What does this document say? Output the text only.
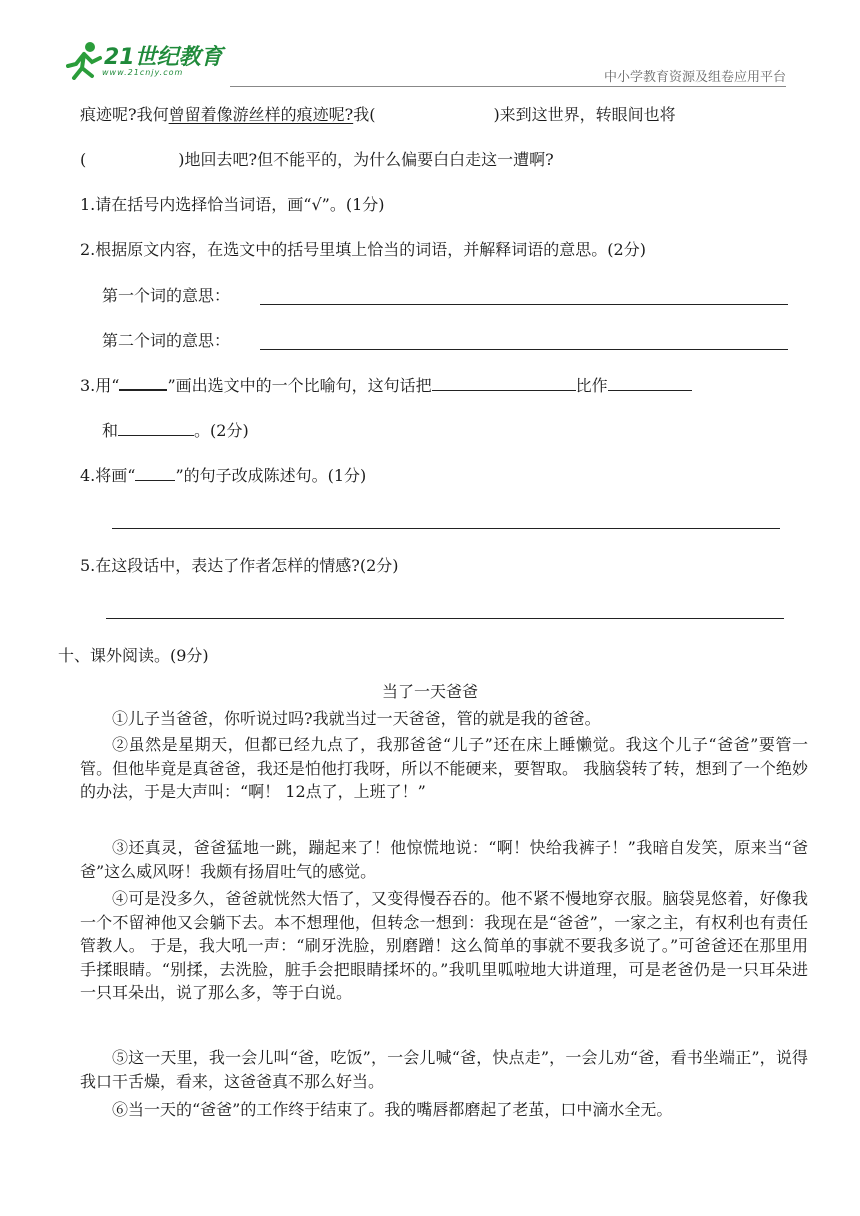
21世纪教育
www.21cnjy.com	中小学教育资源及组卷应用平台
痕迹呢?我何曾留着像游丝样的痕迹呢?我(	)来到这世界，转眼间也将
(	)地回去吧?但不能平的，为什么偏要白白走这一遭啊?
1.请在括号内选择恰当词语，画“√”。(1分)
2.根据原文内容，在选文中的括号里填上恰当的词语，并解释词语的意思。(2分)
第一个词的意思：
第二个词的意思：
3.用“	”画出选文中的一个比喻句，这句话把	比作
和	。(2分)
4.将画“	”的句子改成陈述句。(1分)
5.在这段话中，表达了作者怎样的情感?(2分)
十、课外阅读。(9分)
当了一天爸爸
①儿子当爸爸，你听说过吗?我就当过一天爸爸，管的就是我的爸爸。
②虽然是星期天，但都已经九点了，我那爸爸“儿子”还在床上睡懒觉。我这个儿子“爸爸”要管一管。但他毕竟是真爸爸，我还是怕他打我呀，所以不能硬来，要智取。 我脑袋转了转，想到了一个绝妙的办法，于是大声叫：“啊！ 12点了，上班了！”
③还真灵，爸爸猛地一跳，蹦起来了！他惊慌地说：“啊！快给我裤子！”我暗自发笑，原来当“爸爸”这么威风呀！我颇有扬眉吐气的感觉。
④可是没多久，爸爸就恍然大悟了，又变得慢吞吞的。他不紧不慢地穿衣服。脑袋晃悠着，好像我一个不留神他又会躺下去。本不想理他，但转念一想到：我现在是“爸爸”，一家之主，有权利也有责任管教人。 于是，我大吼一声：“刷牙洗脸，别磨蹭！这么简单的事就不要我多说了。”可爸爸还在那里用手揉眼睛。“别揉，去洗脸，脏手会把眼睛揉坏的。”我叽里呱啦地大讲道理，可是老爸仍是一只耳朵进一只耳朵出，说了那么多，等于白说。
⑤这一天里，我一会儿叫“爸，吃饭”，一会儿喊“爸，快点走”，一会儿劝“爸，看书坐端正”，说得我口干舌燥，看来，这爸爸真不那么好当。
⑥当一天的“爸爸”的工作终于结束了。我的嘴唇都磨起了老茧，口中滴水全无。
